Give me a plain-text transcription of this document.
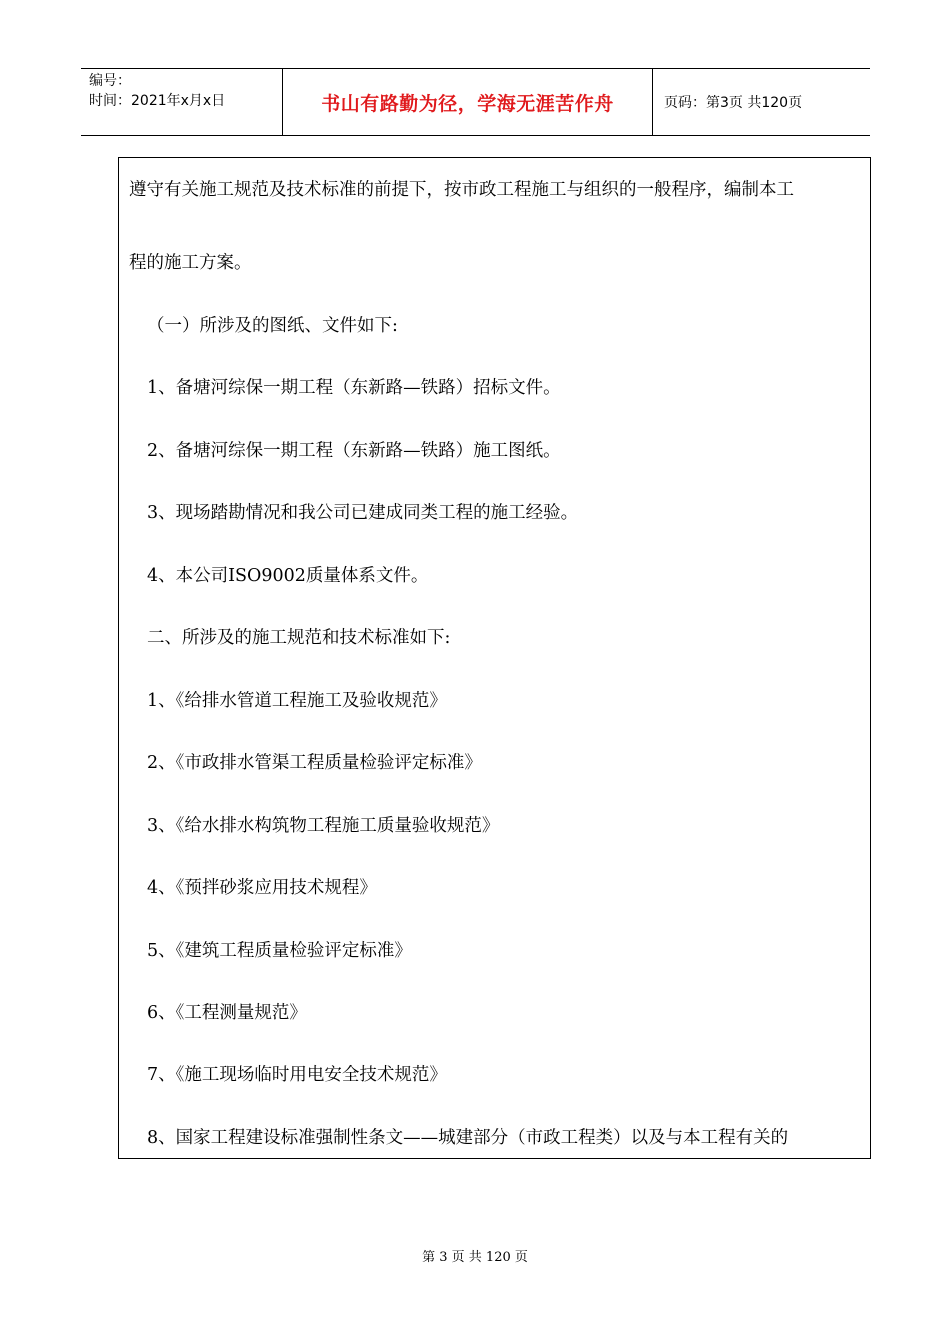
编号：
时间：2021年x月x日	书山有路勤为径，学海无涯苦作舟	页码：第3页 共120页
遵守有关施工规范及技术标准的前提下，按市政工程施工与组织的一般程序，编制本工
程的施工方案。
（一）所涉及的图纸、文件如下:
1、备塘河综保一期工程（东新路—铁路）招标文件。
2、备塘河综保一期工程（东新路—铁路）施工图纸。
3、现场踏勘情况和我公司已建成同类工程的施工经验。
4、本公司ISO9002质量体系文件。
二、所涉及的施工规范和技术标准如下:
1、《给排水管道工程施工及验收规范》
2、《市政排水管渠工程质量检验评定标准》
3、《给水排水构筑物工程施工质量验收规范》
4、《预拌砂浆应用技术规程》
5、《建筑工程质量检验评定标准》
6、《工程测量规范》
7、《施工现场临时用电安全技术规范》
8、国家工程建设标准强制性条文——城建部分（市政工程类）以及与本工程有关的
第 3 页 共 120 页
